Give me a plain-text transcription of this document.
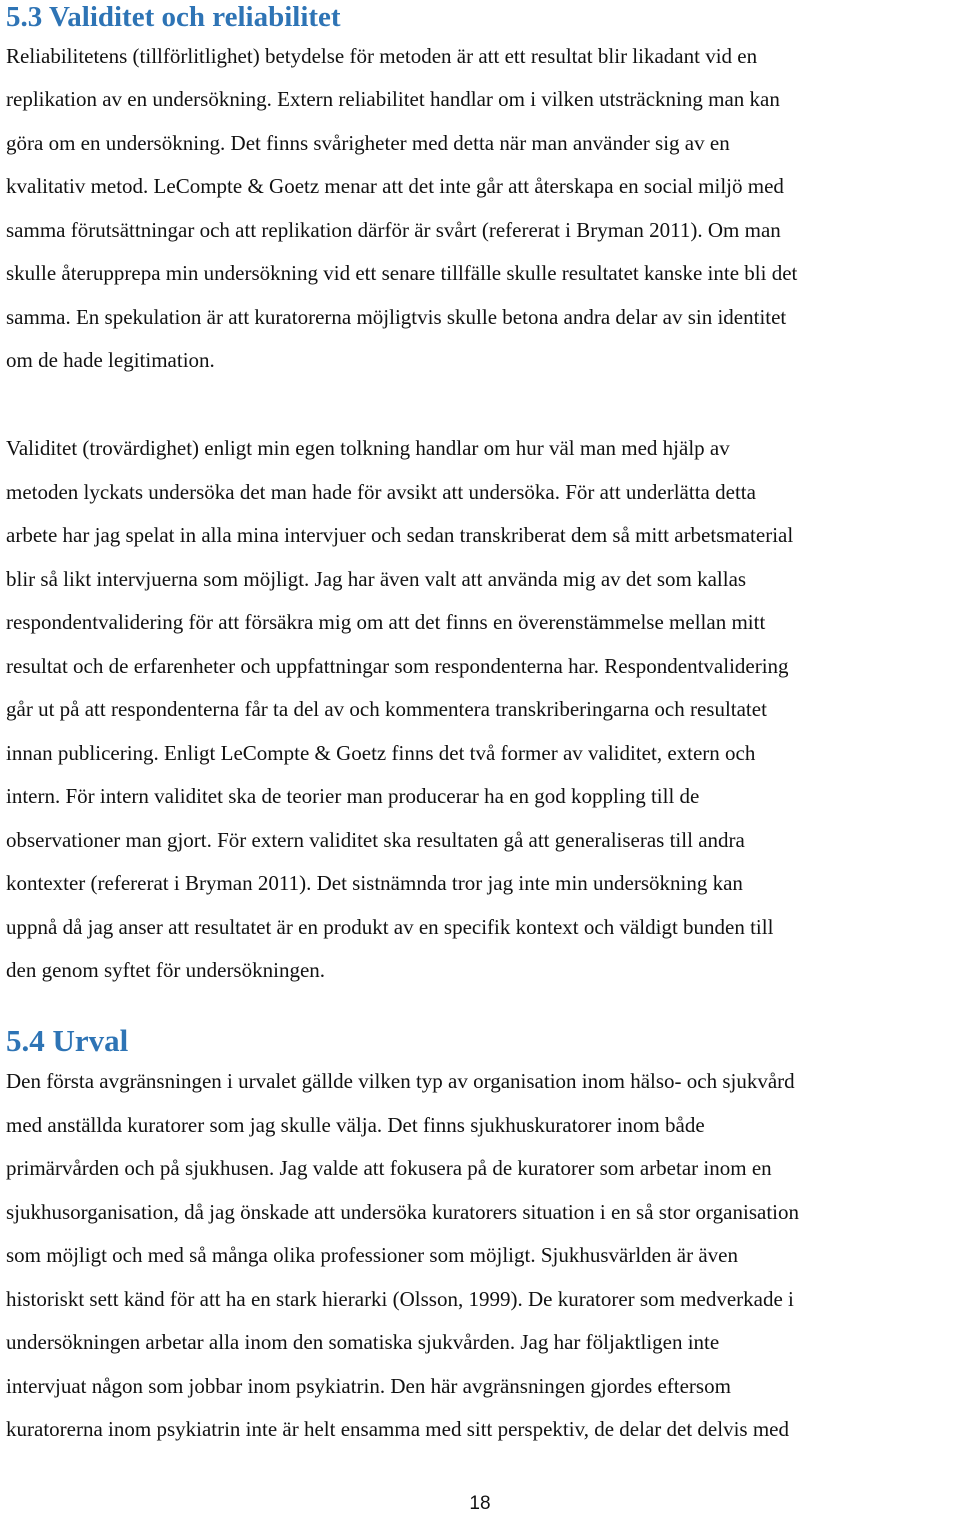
5.3 Validitet och reliabilitet
Reliabilitetens (tillförlitlighet) betydelse för metoden är att ett resultat blir likadant vid en
replikation av en undersökning. Extern reliabilitet handlar om i vilken utsträckning man kan
göra om en undersökning. Det finns svårigheter med detta när man använder sig av en
kvalitativ metod. LeCompte & Goetz menar att det inte går att återskapa en social miljö med
samma förutsättningar och att replikation därför är svårt (refererat i Bryman 2011). Om man
skulle återupprepa min undersökning vid ett senare tillfälle skulle resultatet kanske inte bli det
samma. En spekulation är att kuratorerna möjligtvis skulle betona andra delar av sin identitet
om de hade legitimation.
Validitet (trovärdighet) enligt min egen tolkning handlar om hur väl man med hjälp av
metoden lyckats undersöka det man hade för avsikt att undersöka. För att underlätta detta
arbete har jag spelat in alla mina intervjuer och sedan transkriberat dem så mitt arbetsmaterial
blir så likt intervjuerna som möjligt. Jag har även valt att använda mig av det som kallas
respondentvalidering för att försäkra mig om att det finns en överenstämmelse mellan mitt
resultat och de erfarenheter och uppfattningar som respondenterna har. Respondentvalidering
går ut på att respondenterna får ta del av och kommentera transkriberingarna och resultatet
innan publicering. Enligt LeCompte & Goetz finns det två former av validitet, extern och
intern. För intern validitet ska de teorier man producerar ha en god koppling till de
observationer man gjort. För extern validitet ska resultaten gå att generaliseras till andra
kontexter (refererat i Bryman 2011). Det sistnämnda tror jag inte min undersökning kan
uppnå då jag anser att resultatet är en produkt av en specifik kontext och väldigt bunden till
den genom syftet för undersökningen.
5.4 Urval
Den första avgränsningen i urvalet gällde vilken typ av organisation inom hälso- och sjukvård
med anställda kuratorer som jag skulle välja. Det finns sjukhuskuratorer inom både
primärvården och på sjukhusen. Jag valde att fokusera på de kuratorer som arbetar inom en
sjukhusorganisation, då jag önskade att undersöka kuratorers situation i en så stor organisation
som möjligt och med så många olika professioner som möjligt. Sjukhusvärlden är även
historiskt sett känd för att ha en stark hierarki (Olsson, 1999). De kuratorer som medverkade i
undersökningen arbetar alla inom den somatiska sjukvården. Jag har följaktligen inte
intervjuat någon som jobbar inom psykiatrin. Den här avgränsningen gjordes eftersom
kuratorerna inom psykiatrin inte är helt ensamma med sitt perspektiv, de delar det delvis med
18
